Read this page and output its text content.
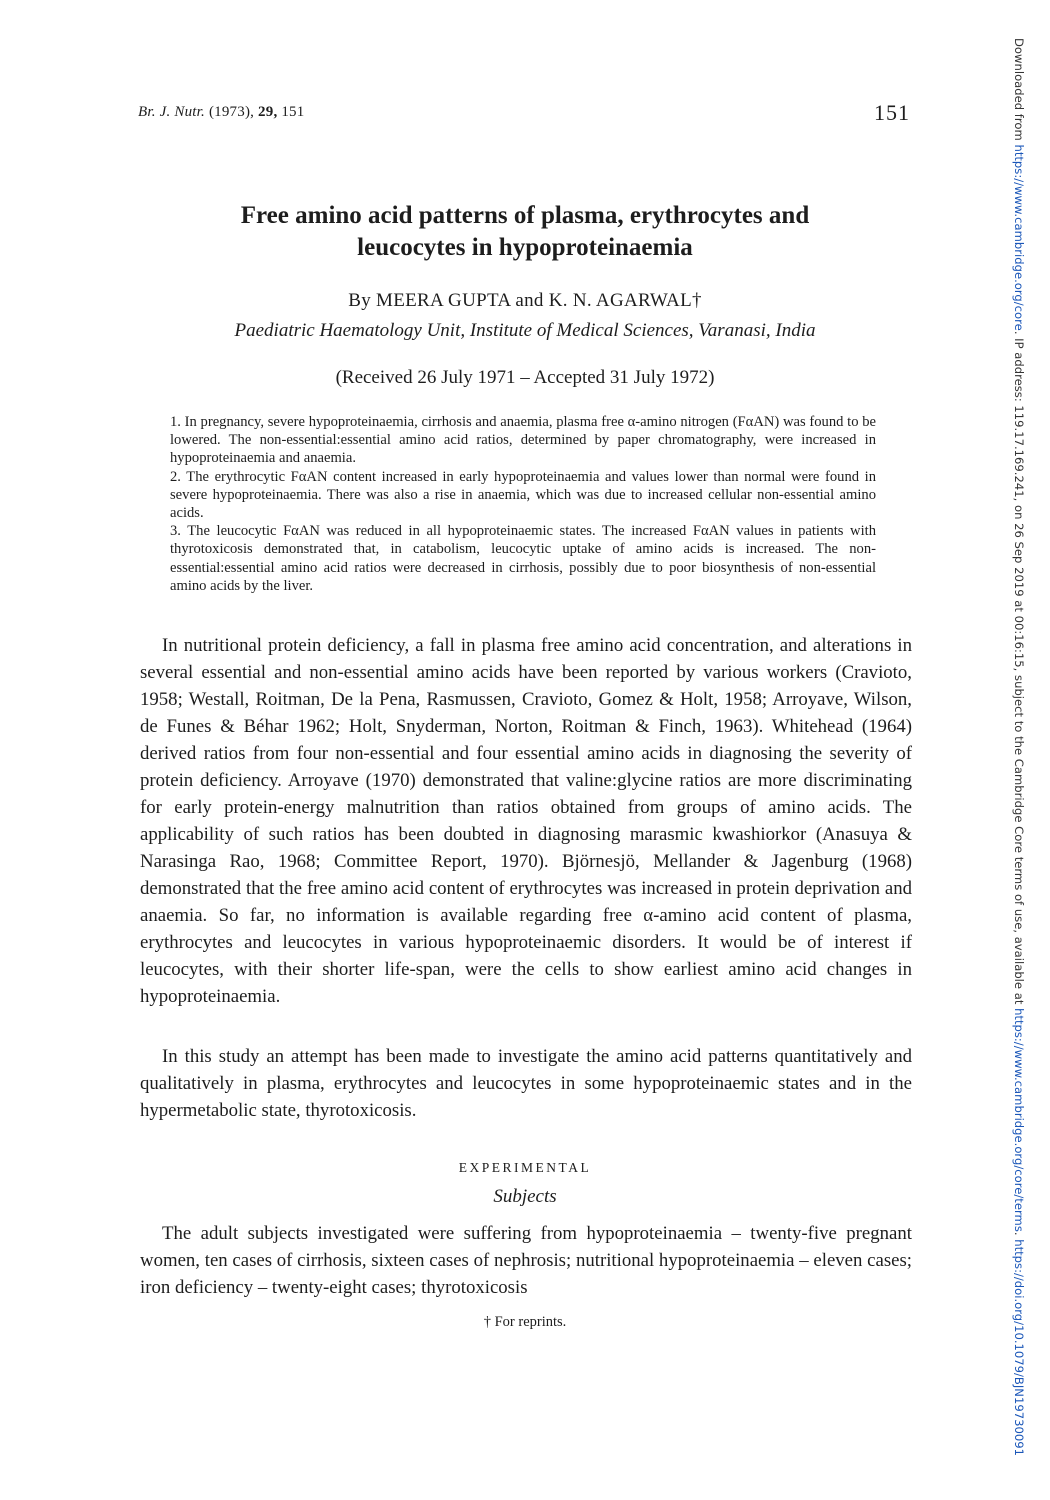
Br. J. Nutr. (1973), 29, 151	151
Free amino acid patterns of plasma, erythrocytes and
leucocytes in hypoproteinaemia
By MEERA GUPTA and K. N. AGARWAL†
Paediatric Haematology Unit, Institute of Medical Sciences, Varanasi, India
(Received 26 July 1971 – Accepted 31 July 1972)

1. In pregnancy, severe hypoproteinaemia, cirrhosis and anaemia, plasma free α-amino nitrogen (FαAN) was found to be lowered. The non-essential:essential amino acid ratios, determined by paper chromatography, were increased in hypoproteinaemia and anaemia.

2. The erythrocytic FαAN content increased in early hypoproteinaemia and values lower than normal were found in severe hypoproteinaemia. There was also a rise in anaemia, which was due to increased cellular non-essential amino acids.

3. The leucocytic FαAN was reduced in all hypoproteinaemic states. The increased FαAN values in patients with thyrotoxicosis demonstrated that, in catabolism, leucocytic uptake of amino acids is increased. The non-essential:essential amino acid ratios were decreased in cirrhosis, possibly due to poor biosynthesis of non-essential amino acids by the liver.

In nutritional protein deficiency, a fall in plasma free amino acid concentration, and alterations in several essential and non-essential amino acids have been reported by various workers (Cravioto, 1958; Westall, Roitman, De la Pena, Rasmussen, Cravioto, Gomez & Holt, 1958; Arroyave, Wilson, de Funes & Béhar 1962; Holt, Snyderman, Norton, Roitman & Finch, 1963). Whitehead (1964) derived ratios from four non-essential and four essential amino acids in diagnosing the severity of protein deficiency. Arroyave (1970) demonstrated that valine:glycine ratios are more discriminating for early protein-energy malnutrition than ratios obtained from groups of amino acids. The applicability of such ratios has been doubted in diagnosing marasmic kwashiorkor (Anasuya & Narasinga Rao, 1968; Committee Report, 1970). Björnesjö, Mellander & Jagenburg (1968) demonstrated that the free amino acid content of erythrocytes was increased in protein deprivation and anaemia. So far, no information is available regarding free α-amino acid content of plasma, erythrocytes and leucocytes in various hypoproteinaemic disorders. It would be of interest if leucocytes, with their shorter life-span, were the cells to show earliest amino acid changes in hypoproteinaemia.

In this study an attempt has been made to investigate the amino acid patterns quantitatively and qualitatively in plasma, erythrocytes and leucocytes in some hypoproteinaemic states and in the hypermetabolic state, thyrotoxicosis.

EXPERIMENTAL
Subjects

The adult subjects investigated were suffering from hypoproteinaemia – twenty-five pregnant women, ten cases of cirrhosis, sixteen cases of nephrosis; nutritional hypoproteinaemia – eleven cases; iron deficiency – twenty-eight cases; thyrotoxicosis

† For reprints.
Downloaded from https://www.cambridge.org/core. IP address: 119.17.169.241, on 26 Sep 2019 at 00:16:15, subject to the Cambridge Core terms of use, available at https://www.cambridge.org/core/terms. https://doi.org/10.1079/BJN19730091
